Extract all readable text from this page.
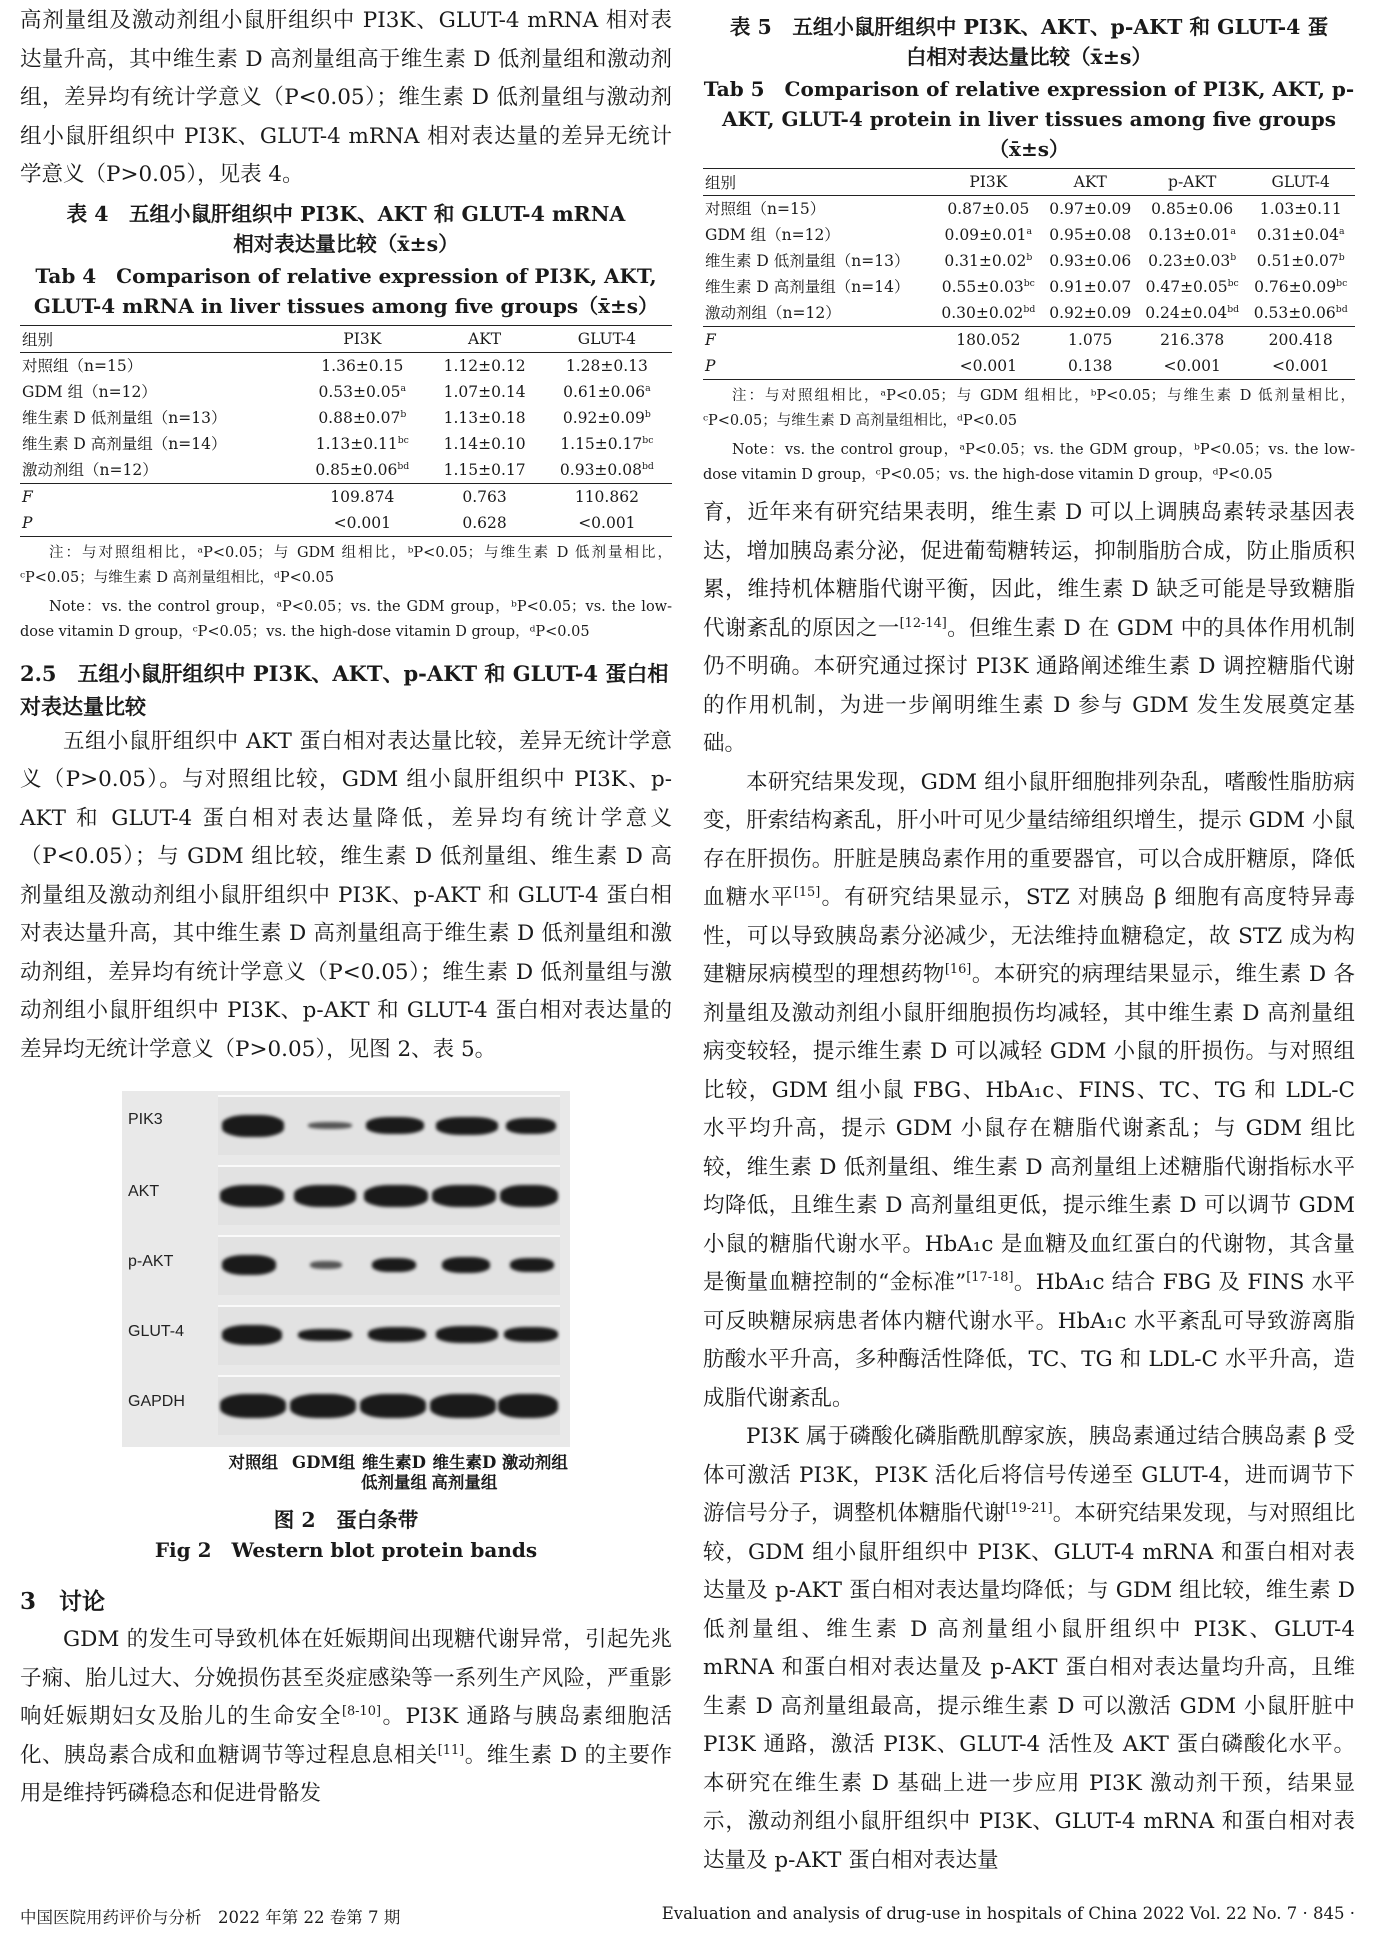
高剂量组及激动剂组小鼠肝组织中 PI3K、GLUT-4 mRNA 相对表达量升高，其中维生素 D 高剂量组高于维生素 D 低剂量组和激动剂组，差异均有统计学意义（P<0.05）；维生素 D 低剂量组与激动剂组小鼠肝组织中 PI3K、GLUT-4 mRNA 相对表达量的差异无统计学意义（P>0.05），见表 4。

表 4　五组小鼠肝组织中 PI3K、AKT 和 GLUT-4 mRNA 相对表达量比较（x̄±s）
Tab 4　Comparison of relative expression of PI3K, AKT, GLUT-4 mRNA in liver tissues among five groups（x̄±s）
组别	PI3K	AKT	GLUT-4
对照组（n=15）	1.36±0.15	1.12±0.12	1.28±0.13
GDM 组（n=12）	0.53±0.05$^a$	1.07±0.14	0.61±0.06$^a$
维生素 D 低剂量组（n=13）	0.88±0.07$^b$	1.13±0.18	0.92±0.09$^b$
维生素 D 高剂量组（n=14）	1.13±0.11$^{bc}$	1.14±0.10	1.15±0.17$^{bc}$
激动剂组（n=12）	0.85±0.06$^{bd}$	1.15±0.17	0.93±0.08$^{bd}$
F	109.874	0.763	110.862
P	<0.001	0.628	<0.001
注：与对照组相比，ᵃP<0.05；与 GDM 组相比，ᵇP<0.05；与维生素 D 低剂量相比，ᶜP<0.05；与维生素 D 高剂量组相比，ᵈP<0.05
Note：vs. the control group，ᵃP<0.05；vs. the GDM group，ᵇP<0.05；vs. the low-dose vitamin D group，ᶜP<0.05；vs. the high-dose vitamin D group，ᵈP<0.05
2.5　五组小鼠肝组织中 PI3K、AKT、p-AKT 和 GLUT-4 蛋白相对表达量比较

五组小鼠肝组织中 AKT 蛋白相对表达量比较，差异无统计学意义（P>0.05）。与对照组比较，GDM 组小鼠肝组织中 PI3K、p-AKT 和 GLUT-4 蛋白相对表达量降低，差异均有统计学意义（P<0.05）；与 GDM 组比较，维生素 D 低剂量组、维生素 D 高剂量组及激动剂组小鼠肝组织中 PI3K、p-AKT 和 GLUT-4 蛋白相对表达量升高，其中维生素 D 高剂量组高于维生素 D 低剂量组和激动剂组，差异均有统计学意义（P<0.05）；维生素 D 低剂量组与激动剂组小鼠肝组织中 PI3K、p-AKT 和 GLUT-4 蛋白相对表达量的差异均无统计学意义（P>0.05），见图 2、表 5。

PIK3
AKT
p-AKT
GLUT-4
GAPDH
对照组 GDM组 维生素D低剂量组
维生素D高剂量组
激动剂组
图 2　蛋白条带
Fig 2　Western blot protein bands
3　讨论

GDM 的发生可导致机体在妊娠期间出现糖代谢异常，引起先兆子痫、胎儿过大、分娩损伤甚至炎症感染等一系列生产风险，严重影响妊娠期妇女及胎儿的生命安全[8-10]。PI3K 通路与胰岛素细胞活化、胰岛素合成和血糖调节等过程息息相关[11]。维生素 D 的主要作用是维持钙磷稳态和促进骨骼发

表 5　五组小鼠肝组织中 PI3K、AKT、p-AKT 和 GLUT-4 蛋白相对表达量比较（x̄±s）
Tab 5　Comparison of relative expression of PI3K, AKT, p-AKT, GLUT-4 protein in liver tissues among five groups（x̄±s）
组别	PI3K	AKT	p-AKT	GLUT-4
对照组（n=15）	0.87±0.05	0.97±0.09	0.85±0.06	1.03±0.11
GDM 组（n=12）	0.09±0.01$^a$	0.95±0.08	0.13±0.01$^a$	0.31±0.04$^a$
维生素 D 低剂量组（n=13）	0.31±0.02$^b$	0.93±0.06	0.23±0.03$^b$	0.51±0.07$^b$
维生素 D 高剂量组（n=14）	0.55±0.03$^{bc}$	0.91±0.07	0.47±0.05$^{bc}$	0.76±0.09$^{bc}$
激动剂组（n=12）	0.30±0.02$^{bd}$	0.92±0.09	0.24±0.04$^{bd}$	0.53±0.06$^{bd}$
F	180.052	1.075	216.378	200.418
P	<0.001	0.138	<0.001	<0.001
注：与对照组相比，ᵃP<0.05；与 GDM 组相比，ᵇP<0.05；与维生素 D 低剂量相比，ᶜP<0.05；与维生素 D 高剂量组相比，ᵈP<0.05
Note：vs. the control group，ᵃP<0.05；vs. the GDM group，ᵇP<0.05；vs. the low-dose vitamin D group，ᶜP<0.05；vs. the high-dose vitamin D group，ᵈP<0.05

育，近年来有研究结果表明，维生素 D 可以上调胰岛素转录基因表达，增加胰岛素分泌，促进葡萄糖转运，抑制脂肪合成，防止脂质积累，维持机体糖脂代谢平衡，因此，维生素 D 缺乏可能是导致糖脂代谢紊乱的原因之一[12-14]。但维生素 D 在 GDM 中的具体作用机制仍不明确。本研究通过探讨 PI3K 通路阐述维生素 D 调控糖脂代谢的作用机制，为进一步阐明维生素 D 参与 GDM 发生发展奠定基础。

本研究结果发现，GDM 组小鼠肝细胞排列杂乱，嗜酸性脂肪病变，肝索结构紊乱，肝小叶可见少量结缔组织增生，提示 GDM 小鼠存在肝损伤。肝脏是胰岛素作用的重要器官，可以合成肝糖原，降低血糖水平[15]。有研究结果显示，STZ 对胰岛 β 细胞有高度特异毒性，可以导致胰岛素分泌减少，无法维持血糖稳定，故 STZ 成为构建糖尿病模型的理想药物[16]。本研究的病理结果显示，维生素 D 各剂量组及激动剂组小鼠肝细胞损伤均减轻，其中维生素 D 高剂量组病变较轻，提示维生素 D 可以减轻 GDM 小鼠的肝损伤。与对照组比较，GDM 组小鼠 FBG、HbA₁c、FINS、TC、TG 和 LDL-C 水平均升高，提示 GDM 小鼠存在糖脂代谢紊乱；与 GDM 组比较，维生素 D 低剂量组、维生素 D 高剂量组上述糖脂代谢指标水平均降低，且维生素 D 高剂量组更低，提示维生素 D 可以调节 GDM 小鼠的糖脂代谢水平。HbA₁c 是血糖及血红蛋白的代谢物，其含量是衡量血糖控制的“金标准”[17-18]。HbA₁c 结合 FBG 及 FINS 水平可反映糖尿病患者体内糖代谢水平。HbA₁c 水平紊乱可导致游离脂肪酸水平升高，多种酶活性降低，TC、TG 和 LDL-C 水平升高，造成脂代谢紊乱。

PI3K 属于磷酸化磷脂酰肌醇家族，胰岛素通过结合胰岛素 β 受体可激活 PI3K，PI3K 活化后将信号传递至 GLUT-4，进而调节下游信号分子，调整机体糖脂代谢[19-21]。本研究结果发现，与对照组比较，GDM 组小鼠肝组织中 PI3K、GLUT-4 mRNA 和蛋白相对表达量及 p-AKT 蛋白相对表达量均降低；与 GDM 组比较，维生素 D 低剂量组、维生素 D 高剂量组小鼠肝组织中 PI3K、GLUT-4 mRNA 和蛋白相对表达量及 p-AKT 蛋白相对表达量均升高，且维生素 D 高剂量组最高，提示维生素 D 可以激活 GDM 小鼠肝脏中 PI3K 通路，激活 PI3K、GLUT-4 活性及 AKT 蛋白磷酸化水平。本研究在维生素 D 基础上进一步应用 PI3K 激动剂干预，结果显示，激动剂组小鼠肝组织中 PI3K、GLUT-4 mRNA 和蛋白相对表达量及 p-AKT 蛋白相对表达量

中国医院用药评价与分析　2022 年第 22 卷第 7 期	Evaluation and analysis of drug-use in hospitals of China 2022 Vol. 22 No. 7 · 845 ·
